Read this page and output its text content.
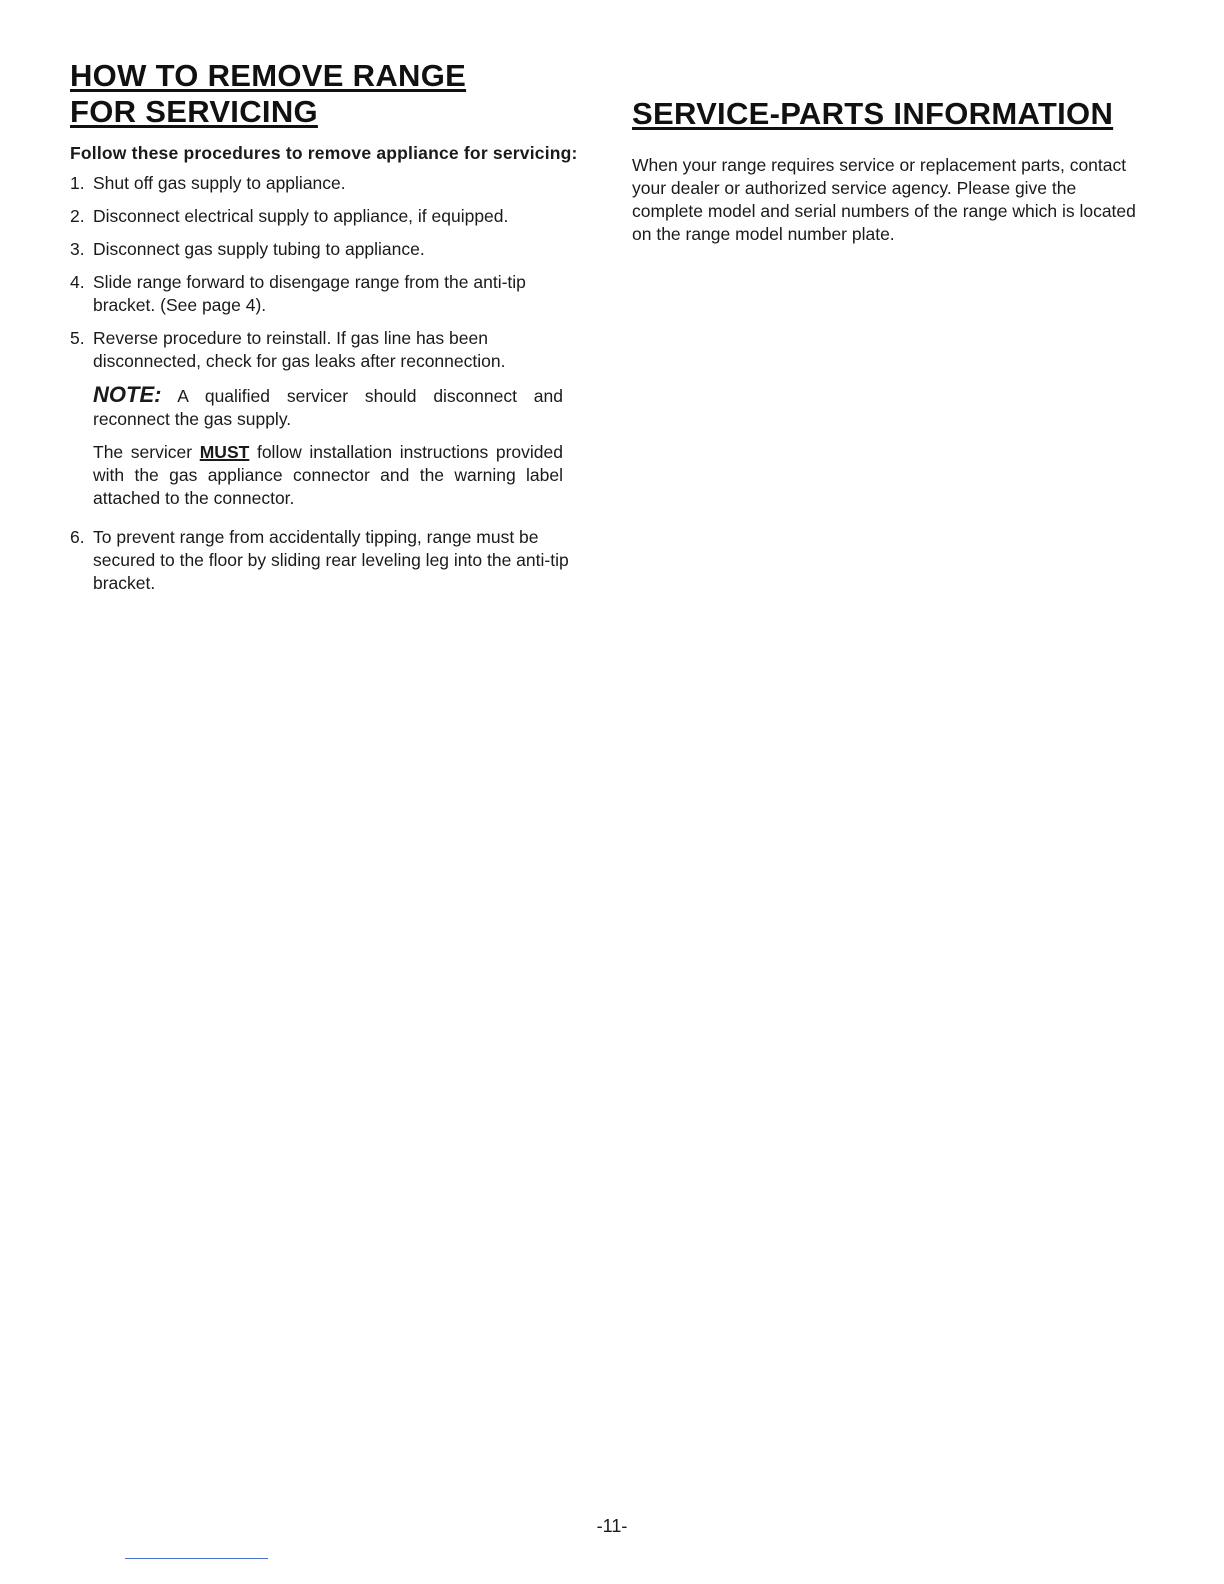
HOW TO REMOVE RANGE
FOR SERVICING

Follow these procedures to remove appliance for servicing:

1. Shut off gas supply to appliance.
2. Disconnect electrical supply to appliance, if equipped.
3. Disconnect gas supply tubing to appliance.
4. Slide range forward to disengage range from the anti-tip bracket. (See page 4).
5. Reverse procedure to reinstall. If gas line has been disconnected, check for gas leaks after reconnection.

NOTE: A qualified servicer should disconnect and reconnect the gas supply.

The servicer MUST follow installation instructions provided with the gas appliance connector and the warning label attached to the connector.

6. To prevent range from accidentally tipping, range must be secured to the floor by sliding rear leveling leg into the anti-tip bracket.
SERVICE-PARTS INFORMATION

When your range requires service or replacement parts, contact your dealer or authorized service agency. Please give the complete model and serial numbers of the range which is located on the range model number plate.

-11-
